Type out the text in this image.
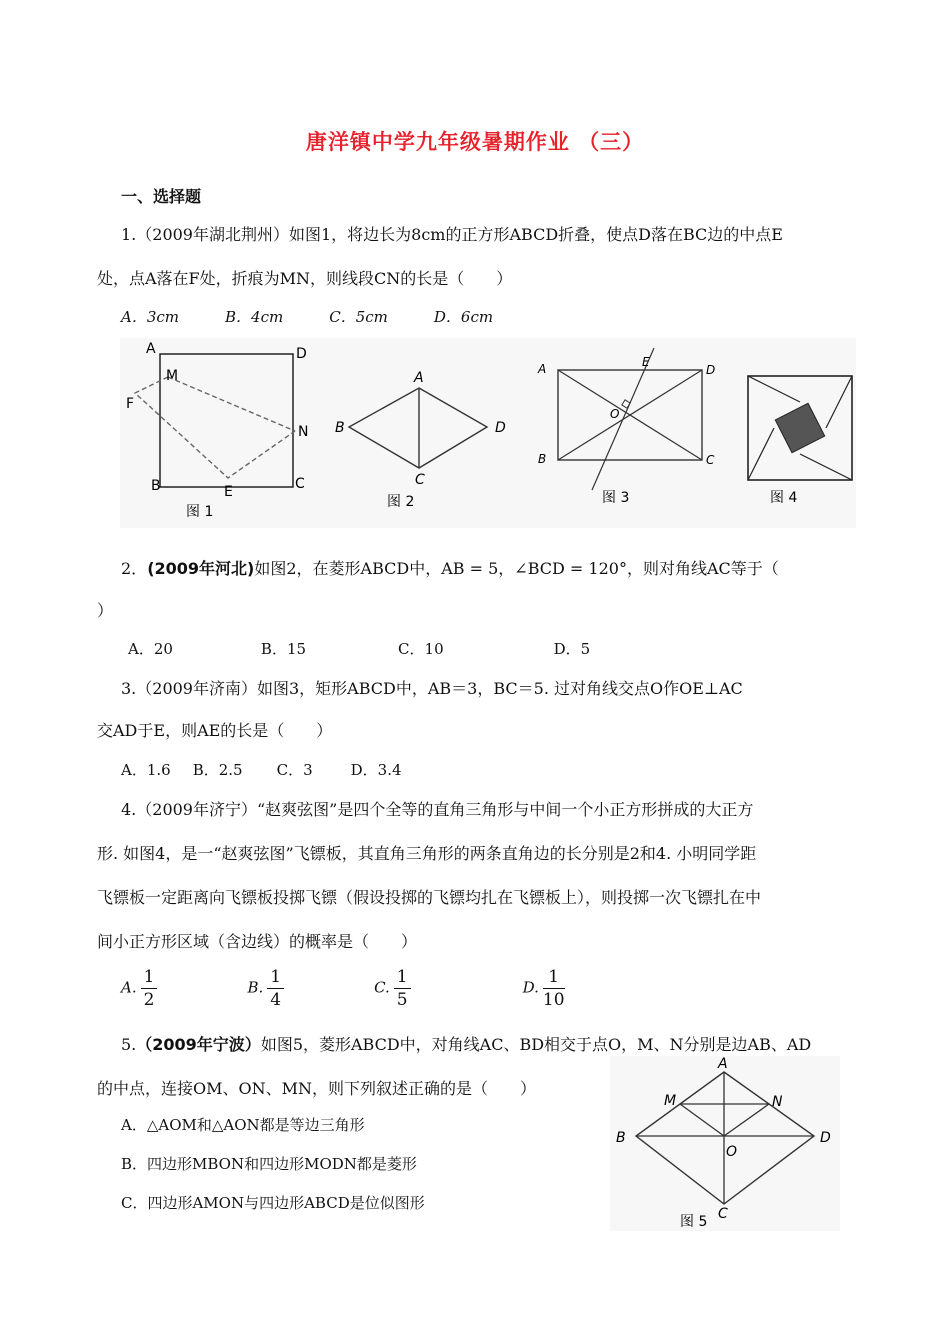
唐洋镇中学九年级暑期作业 （三）
一、选择题
1.（2009年湖北荆州）如图1，将边长为8cm的正方形ABCD折叠，使点D落在BC边的中点E
处，点A落在F处，折痕为MN，则线段CN的长是（　　）
A．3cm	B．4cm	C．5cm	D．6cm
A	D
M
F
N
B	E	C
图 1
A
B
C
D
图 2
A	D
E
O
B	C
图 3	图 4
2．(2009年河北)如图2，在菱形ABCD中，AB = 5，∠BCD = 120°，则对角线AC等于（
）
A．20	B．15	C．10	D．5
3.（2009年济南）如图3，矩形ABCD中，AB＝3，BC＝5. 过对角线交点O作OE⊥AC
交AD于E，则AE的长是（　　）
A．1.6 B．2.5 C．3	D．3.4
4.（2009年济宁）“赵爽弦图”是四个全等的直角三角形与中间一个小正方形拼成的大正方
形. 如图4，是一“赵爽弦图”飞镖板，其直角三角形的两条直角边的长分别是2和4. 小明同学距
飞镖板一定距离向飞镖板投掷飞镖（假设投掷的飞镖均扎在飞镖板上），则投掷一次飞镖扎在中
间小正方形区域（含边线）的概率是（　　）
A. $\frac{1}{2}$	B. $\frac{1}{4}$	C. $\frac{1}{5}$	D. $\frac{1}{10}$
5.（2009年宁波）如图5，菱形ABCD中，对角线AC、BD相交于点O，M、N分别是边AB、AD
的中点，连接OM、ON、MN，则下列叙述正确的是（　　）
A．△AOM和△AON都是等边三角形
B．四边形MBON和四边形MODN都是菱形
C．四边形AMON与四边形ABCD是位似图形
A
M	N
B
O
D
C
图 5
